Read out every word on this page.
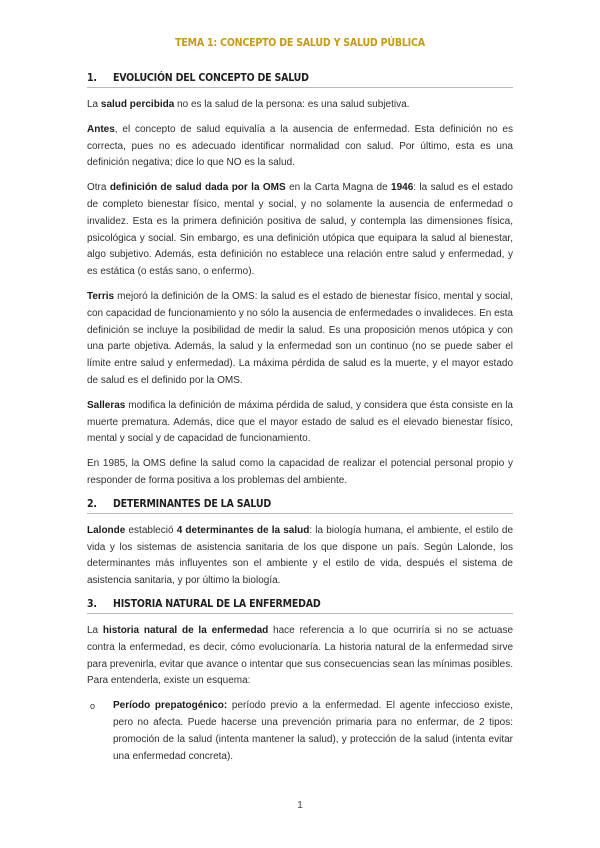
TEMA 1: CONCEPTO DE SALUD Y SALUD PÚBLICA
1. EVOLUCIÓN DEL CONCEPTO DE SALUD

La salud percibida no es la salud de la persona: es una salud subjetiva.

Antes, el concepto de salud equivalía a la ausencia de enfermedad. Esta definición no es correcta, pues no es adecuado identificar normalidad con salud. Por último, esta es una definición negativa; dice lo que NO es la salud.

Otra definición de salud dada por la OMS en la Carta Magna de 1946: la salud es el estado de completo bienestar físico, mental y social, y no solamente la ausencia de enfermedad o invalidez. Esta es la primera definición positiva de salud, y contempla las dimensiones física, psicológica y social. Sin embargo, es una definición utópica que equipara la salud al bienestar, algo subjetivo. Además, esta definición no establece una relación entre salud y enfermedad, y es estática (o estás sano, o enfermo).

Terris mejoró la definición de la OMS: la salud es el estado de bienestar físico, mental y social, con capacidad de funcionamiento y no sólo la ausencia de enfermedades o invalideces. En esta definición se incluye la posibilidad de medir la salud. Es una proposición menos utópica y con una parte objetiva. Además, la salud y la enfermedad son un continuo (no se puede saber el límite entre salud y enfermedad). La máxima pérdida de salud es la muerte, y el mayor estado de salud es el definido por la OMS.

Salleras modifica la definición de máxima pérdida de salud, y considera que ésta consiste en la muerte prematura. Además, dice que el mayor estado de salud es el elevado bienestar físico, mental y social y de capacidad de funcionamiento.

En 1985, la OMS define la salud como la capacidad de realizar el potencial personal propio y responder de forma positiva a los problemas del ambiente.

2. DETERMINANTES DE LA SALUD

Lalonde estableció 4 determinantes de la salud: la biología humana, el ambiente, el estilo de vida y los sistemas de asistencia sanitaria de los que dispone un país. Según Lalonde, los determinantes más influyentes son el ambiente y el estilo de vida, después el sistema de asistencia sanitaria, y por último la biología.

3. HISTORIA NATURAL DE LA ENFERMEDAD

La historia natural de la enfermedad hace referencia a lo que ocurriría si no se actuase contra la enfermedad, es decir, cómo evolucionaría. La historia natural de la enfermedad sirve para prevenirla, evitar que avance o intentar que sus consecuencias sean las mínimas posibles. Para entenderla, existe un esquema:

o Período prepatogénico: período previo a la enfermedad. El agente infeccioso existe, pero no afecta. Puede hacerse una prevención primaria para no enfermar, de 2 tipos: promoción de la salud (intenta mantener la salud), y protección de la salud (intenta evitar una enfermedad concreta).
1
